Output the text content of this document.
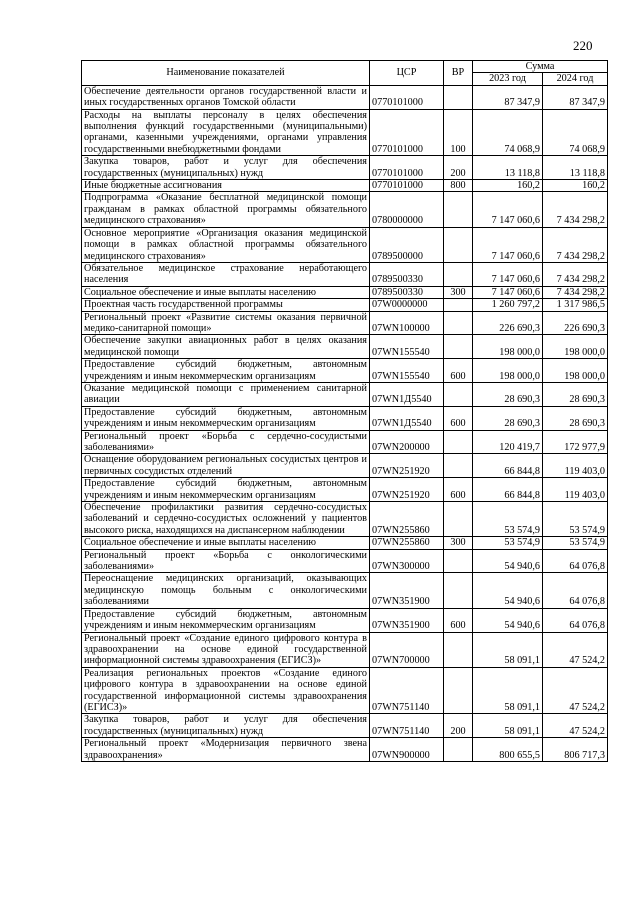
220
Наименование показателей	ЦСР	ВР	Сумма	
			2023 год	2024 год
Обеспечение деятельности органов государственной власти и иных государственных органов Томской области	0770101000		87 347,9	87 347,9
Расходы на выплаты персоналу в целях обеспечения выполнения функций государственными (муниципальными) органами, казенными учреждениями, органами управления государственными внебюджетными фондами	0770101000	100	74 068,9	74 068,9
Закупка товаров, работ и услуг для обеспечения государственных (муниципальных) нужд	0770101000	200	13 118,8	13 118,8
Иные бюджетные ассигнования	0770101000	800	160,2	160,2
Подпрограмма «Оказание бесплатной медицинской помощи гражданам в рамках областной программы обязательного медицинского страхования»	0780000000		7 147 060,6	7 434 298,2
Основное мероприятие «Организация оказания медицинской помощи в рамках областной программы обязательного медицинского страхования»	0789500000		7 147 060,6	7 434 298,2
Обязательное медицинское страхование неработающего населения	0789500330		7 147 060,6	7 434 298,2
Социальное обеспечение и иные выплаты населению	0789500330	300	7 147 060,6	7 434 298,2
Проектная часть государственной программы	07W0000000		1 260 797,2	1 317 986,5
Региональный проект «Развитие системы оказания первичной медико-санитарной помощи»	07WN100000		226 690,3	226 690,3
Обеспечение закупки авиационных работ в целях оказания медицинской помощи	07WN155540		198 000,0	198 000,0
Предоставление субсидий бюджетным, автономным учреждениям и иным некоммерческим организациям	07WN155540	600	198 000,0	198 000,0
Оказание медицинской помощи с применением санитарной авиации	07WN1Д5540		28 690,3	28 690,3
Предоставление субсидий бюджетным, автономным учреждениям и иным некоммерческим организациям	07WN1Д5540	600	28 690,3	28 690,3
Региональный проект «Борьба с сердечно-сосудистыми заболеваниями»	07WN200000		120 419,7	172 977,9
Оснащение оборудованием региональных сосудистых центров и первичных сосудистых отделений	07WN251920		66 844,8	119 403,0
Предоставление субсидий бюджетным, автономным учреждениям и иным некоммерческим организациям	07WN251920	600	66 844,8	119 403,0
Обеспечение профилактики развития сердечно-сосудистых заболеваний и сердечно-сосудистых осложнений у пациентов высокого риска, находящихся на диспансерном наблюдении	07WN255860		53 574,9	53 574,9
Социальное обеспечение и иные выплаты населению	07WN255860	300	53 574,9	53 574,9
Региональный проект «Борьба с онкологическими заболеваниями»	07WN300000		54 940,6	64 076,8
Переоснащение медицинских организаций, оказывающих медицинскую помощь больным с онкологическими заболеваниями	07WN351900		54 940,6	64 076,8
Предоставление субсидий бюджетным, автономным учреждениям и иным некоммерческим организациям	07WN351900	600	54 940,6	64 076,8
Региональный проект «Создание единого цифрового контура в здравоохранении на основе единой государственной информационной системы здравоохранения (ЕГИСЗ)»	07WN700000		58 091,1	47 524,2
Реализация региональных проектов «Создание единого цифрового контура в здравоохранении на основе единой государственной информационной системы здравоохранения (ЕГИСЗ)»	07WN751140		58 091,1	47 524,2
Закупка товаров, работ и услуг для обеспечения государственных (муниципальных) нужд	07WN751140	200	58 091,1	47 524,2
Региональный проект «Модернизация первичного звена здравоохранения»	07WN900000		800 655,5	806 717,3
